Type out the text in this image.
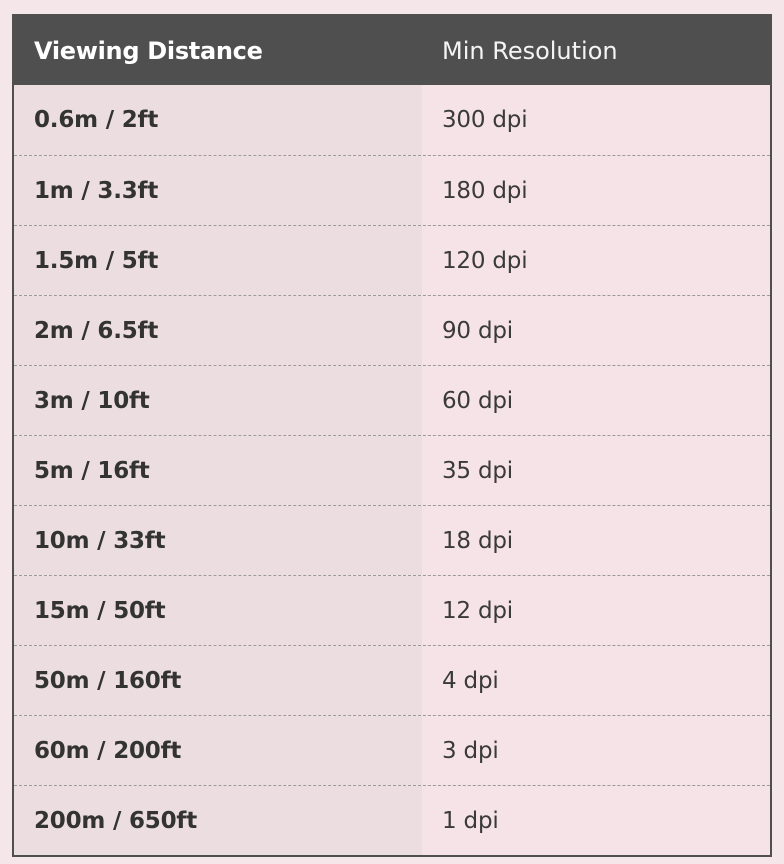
Viewing Distance	Min Resolution
0.6m / 2ft	300 dpi
1m / 3.3ft	180 dpi
1.5m / 5ft	120 dpi
2m / 6.5ft	90 dpi
3m / 10ft	60 dpi
5m / 16ft	35 dpi
10m / 33ft	18 dpi
15m / 50ft	12 dpi
50m / 160ft	4 dpi
60m / 200ft	3 dpi
200m / 650ft	1 dpi
